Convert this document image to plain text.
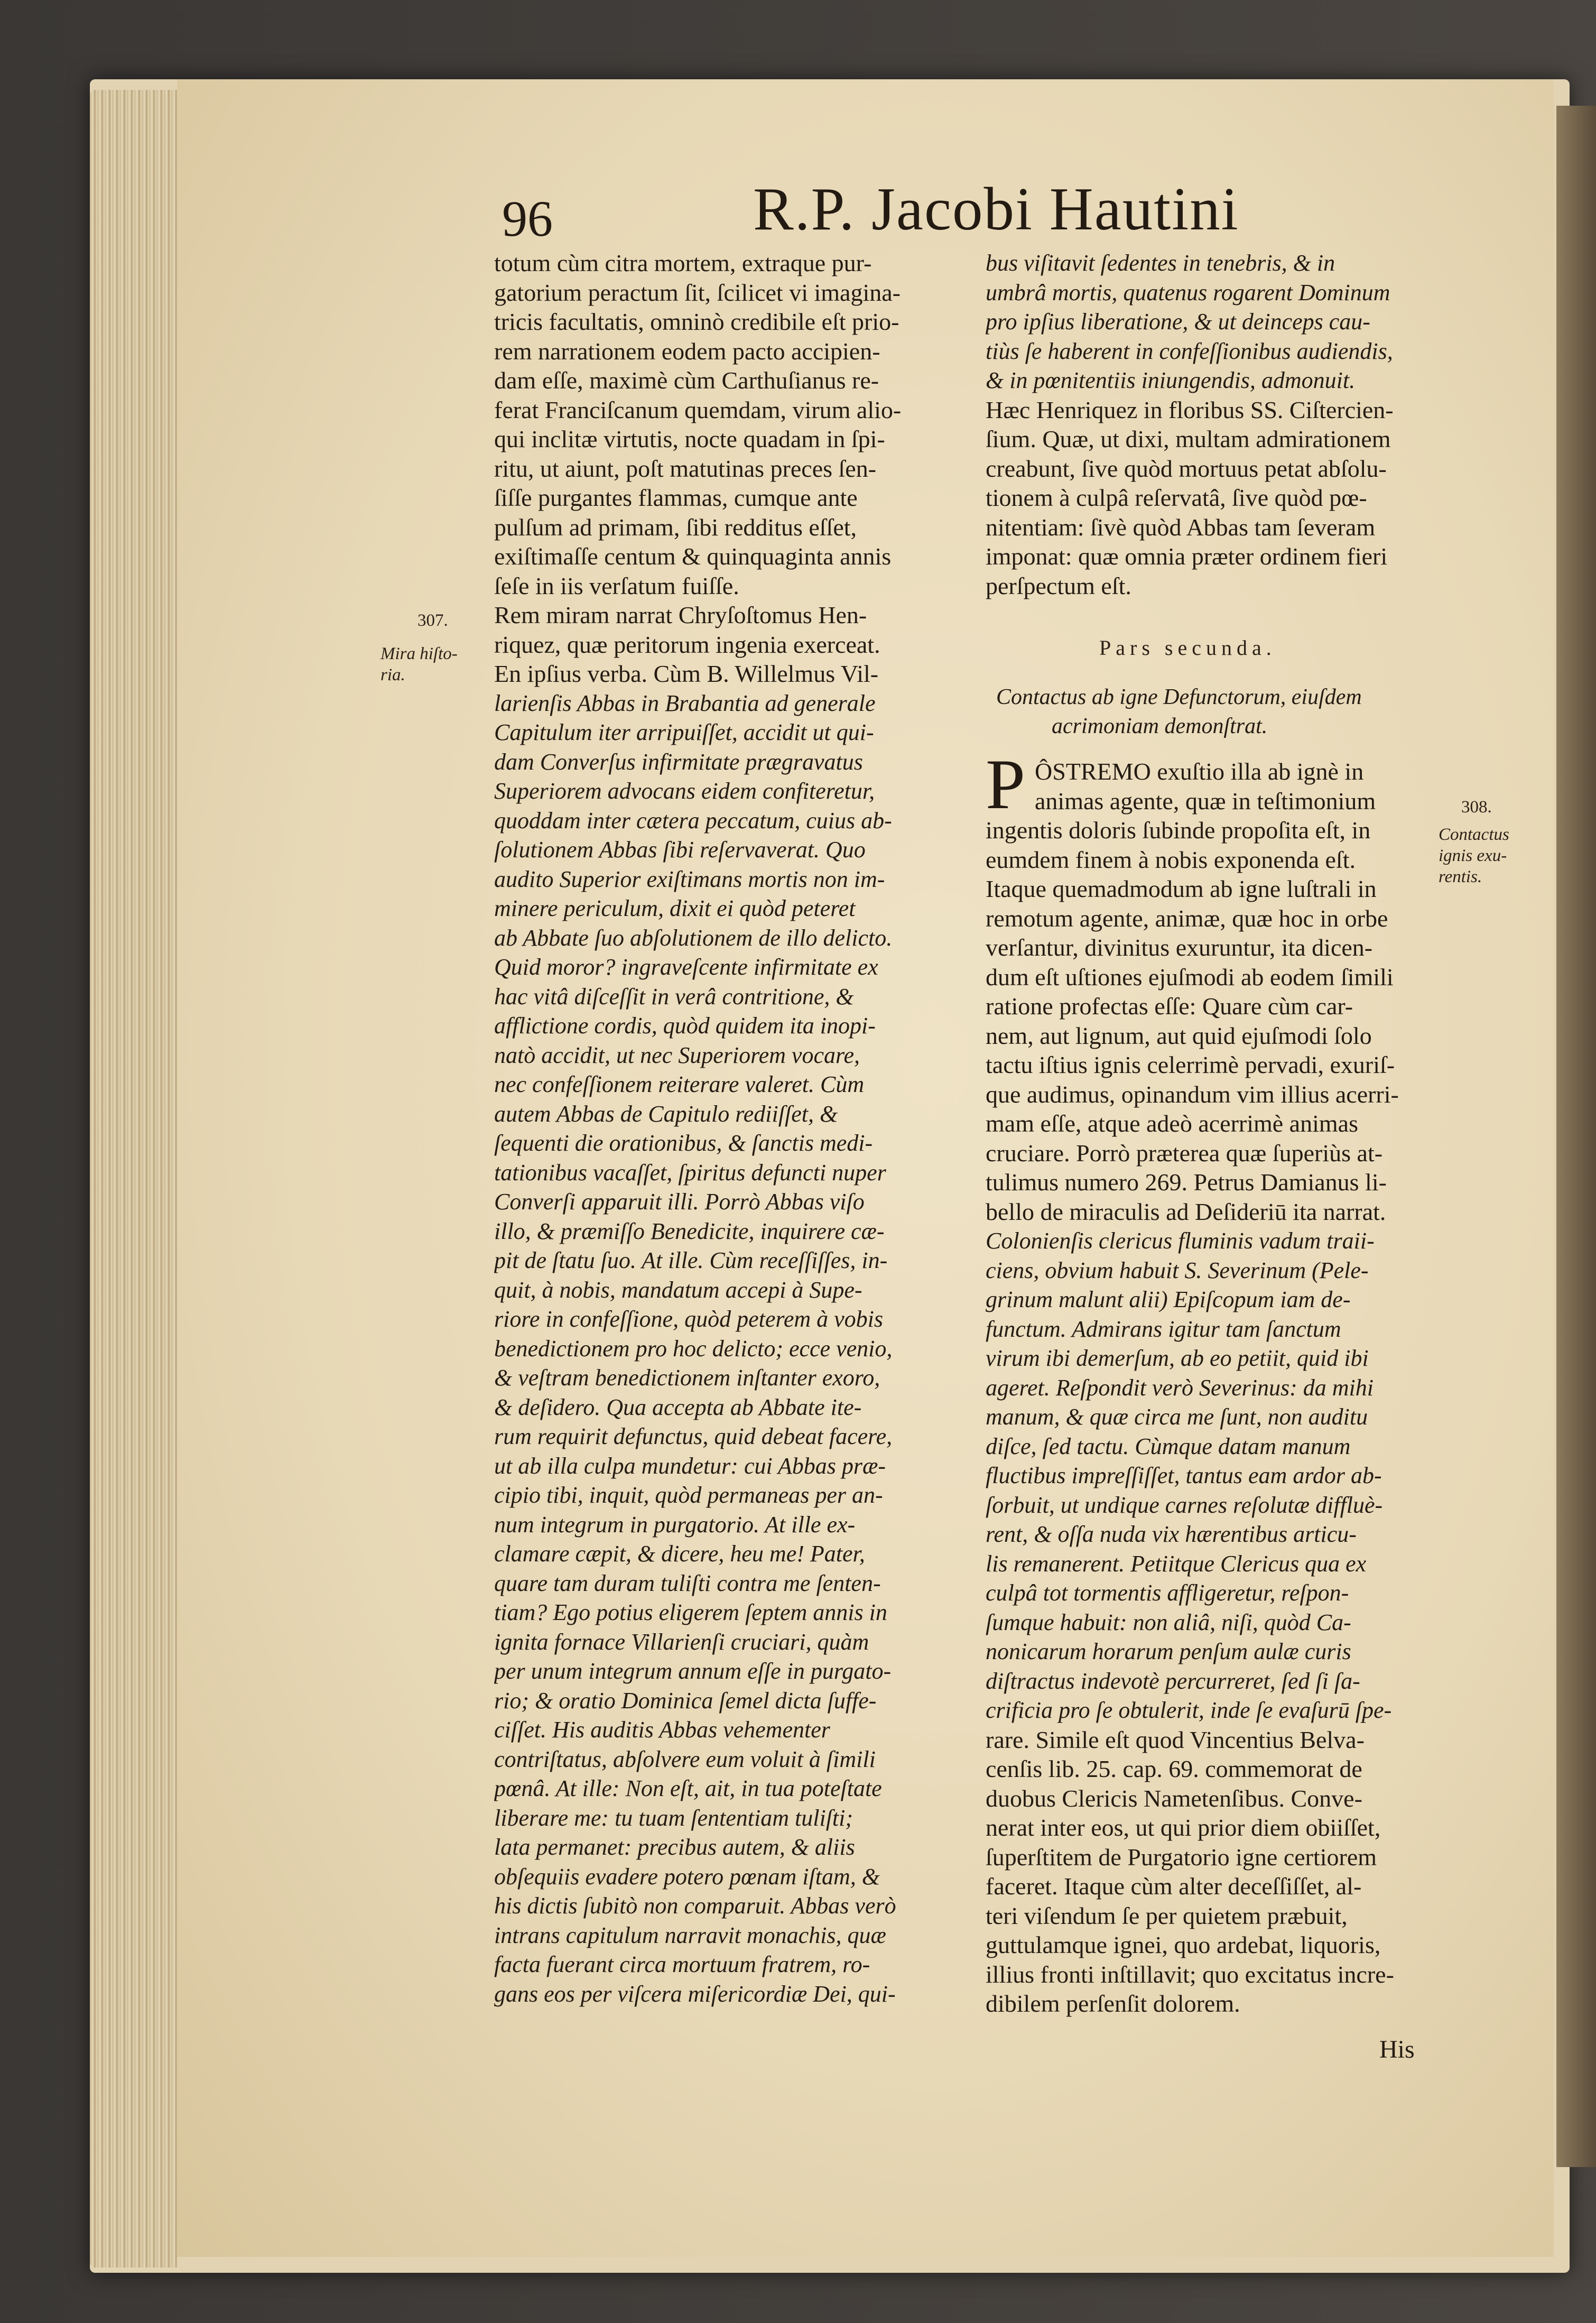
96	R.P. Jacobi Hautini
totum cùm citra mortem, extraque pur-
gatorium peractum ſit, ſcilicet vi imagina-
tricis facultatis, omninò credibile eſt prio-
rem narrationem eodem pacto accipien-
dam eſſe, maximè cùm Carthuſianus re-
ferat Franciſcanum quemdam, virum alio-
qui inclitæ virtutis, nocte quadam in ſpi-
ritu, ut aiunt, poſt matutinas preces ſen-
ſiſſe purgantes flammas, cumque ante
pulſum ad primam, ſibi redditus eſſet,
exiſtimaſſe centum & quinquaginta annis
ſeſe in iis verſatum fuiſſe.
Rem miram narrat Chryſoſtomus Hen-
riquez, quæ peritorum ingenia exerceat.
En ipſius verba. Cùm B. Willelmus Vil-
larienſis Abbas in Brabantia ad generale
Capitulum iter arripuiſſet, accidit ut qui-
dam Converſus infirmitate prægravatus
Superiorem advocans eidem confiteretur,
quoddam inter cætera peccatum, cuius ab-
ſolutionem Abbas ſibi reſervaverat. Quo
audito Superior exiſtimans mortis non im-
minere periculum, dixit ei quòd peteret
ab Abbate ſuo abſolutionem de illo delicto.
Quid moror? ingraveſcente infirmitate ex
hac vitâ diſceſſit in verâ contritione, &
afflictione cordis, quòd quidem ita inopi-
natò accidit, ut nec Superiorem vocare,
nec confeſſionem reiterare valeret. Cùm
autem Abbas de Capitulo rediiſſet, &
ſequenti die orationibus, & ſanctis medi-
tationibus vacaſſet, ſpiritus defuncti nuper
Converſi apparuit illi. Porrò Abbas viſo
illo, & præmiſſo Benedicite, inquirere cæ-
pit de ſtatu ſuo. At ille. Cùm receſſiſſes, in-
quit, à nobis, mandatum accepi à Supe-
riore in confeſſione, quòd peterem à vobis
benedictionem pro hoc delicto; ecce venio,
& veſtram benedictionem inſtanter exoro,
& deſidero. Qua accepta ab Abbate ite-
rum requirit defunctus, quid debeat facere,
ut ab illa culpa mundetur: cui Abbas præ-
cipio tibi, inquit, quòd permaneas per an-
num integrum in purgatorio. At ille ex-
clamare cæpit, & dicere, heu me! Pater,
quare tam duram tuliſti contra me ſenten-
tiam? Ego potius eligerem ſeptem annis in
ignita fornace Villarienſi cruciari, quàm
per unum integrum annum eſſe in purgato-
rio; & oratio Dominica ſemel dicta ſuffe-
ciſſet. His auditis Abbas vehementer
contriſtatus, abſolvere eum voluit à ſimili
pœnâ. At ille: Non eſt, ait, in tua poteſtate
liberare me: tu tuam ſententiam tuliſti;
lata permanet: precibus autem, & aliis
obſequiis evadere potero pœnam iſtam, &
his dictis ſubitò non comparuit. Abbas verò
intrans capitulum narravit monachis, quæ
facta fuerant circa mortuum fratrem, ro-
gans eos per viſcera miſericordiæ Dei, qui-
307.
Mira hiſto-
ria.
bus viſitavit ſedentes in tenebris, & in
umbrâ mortis, quatenus rogarent Dominum
pro ipſius liberatione, & ut deinceps cau-
tiùs ſe haberent in confeſſionibus audiendis,
& in pœnitentiis iniungendis, admonuit.
Hæc Henriquez in floribus SS. Ciſtercien-
ſium. Quæ, ut dixi, multam admirationem
creabunt, ſive quòd mortuus petat abſolu-
tionem à culpâ reſervatâ, ſive quòd pœ-
nitentiam: ſivè quòd Abbas tam ſeveram
imponat: quæ omnia præter ordinem fieri
perſpectum eſt.
Pars secunda.
Contactus ab igne Defunctorum, eiuſdem
acrimoniam demonſtrat.
P ÔSTREMO exuſtio illa ab ignè in
animas agente, quæ in teſtimonium
ingentis doloris ſubinde propoſita eſt, in
eumdem finem à nobis exponenda eſt.
Itaque quemadmodum ab igne luſtrali in
remotum agente, animæ, quæ hoc in orbe
verſantur, divinitus exuruntur, ita dicen-
dum eſt uſtiones ejuſmodi ab eodem ſimili
ratione profectas eſſe: Quare cùm car-
nem, aut lignum, aut quid ejuſmodi ſolo
tactu iſtius ignis celerrimè pervadi, exuriſ-
que audimus, opinandum vim illius acerri-
mam eſſe, atque adeò acerrimè animas
cruciare. Porrò præterea quæ ſuperiùs at-
tulimus numero 269. Petrus Damianus li-
bello de miraculis ad Deſideriū ita narrat.
Colonienſis clericus fluminis vadum traii-
ciens, obvium habuit S. Severinum (Pele-
grinum malunt alii) Epiſcopum iam de-
functum. Admirans igitur tam ſanctum
virum ibi demerſum, ab eo petiit, quid ibi
ageret. Reſpondit verò Severinus: da mihi
manum, & quæ circa me ſunt, non auditu
diſce, ſed tactu. Cùmque datam manum
fluctibus impreſſiſſet, tantus eam ardor ab-
ſorbuit, ut undique carnes reſolutæ diffluè-
rent, & oſſa nuda vix hærentibus articu-
lis remanerent. Petiitque Clericus qua ex
culpâ tot tormentis affligeretur, reſpon-
ſumque habuit: non aliâ, niſi, quòd Ca-
nonicarum horarum penſum aulæ curis
diſtractus indevotè percurreret, ſed ſi ſa-
crificia pro ſe obtulerit, inde ſe evaſurū ſpe-
rare. Simile eſt quod Vincentius Belva-
cenſis lib. 25. cap. 69. commemorat de
duobus Clericis Nametenſibus. Conve-
nerat inter eos, ut qui prior diem obiiſſet,
ſuperſtitem de Purgatorio igne certiorem
faceret. Itaque cùm alter deceſſiſſet, al-
teri viſendum ſe per quietem præbuit,
guttulamque ignei, quo ardebat, liquoris,
illius fronti inſtillavit; quo excitatus incre-
dibilem perſenſit dolorem.
308.
Contactus
ignis exu-
rentis.
His
